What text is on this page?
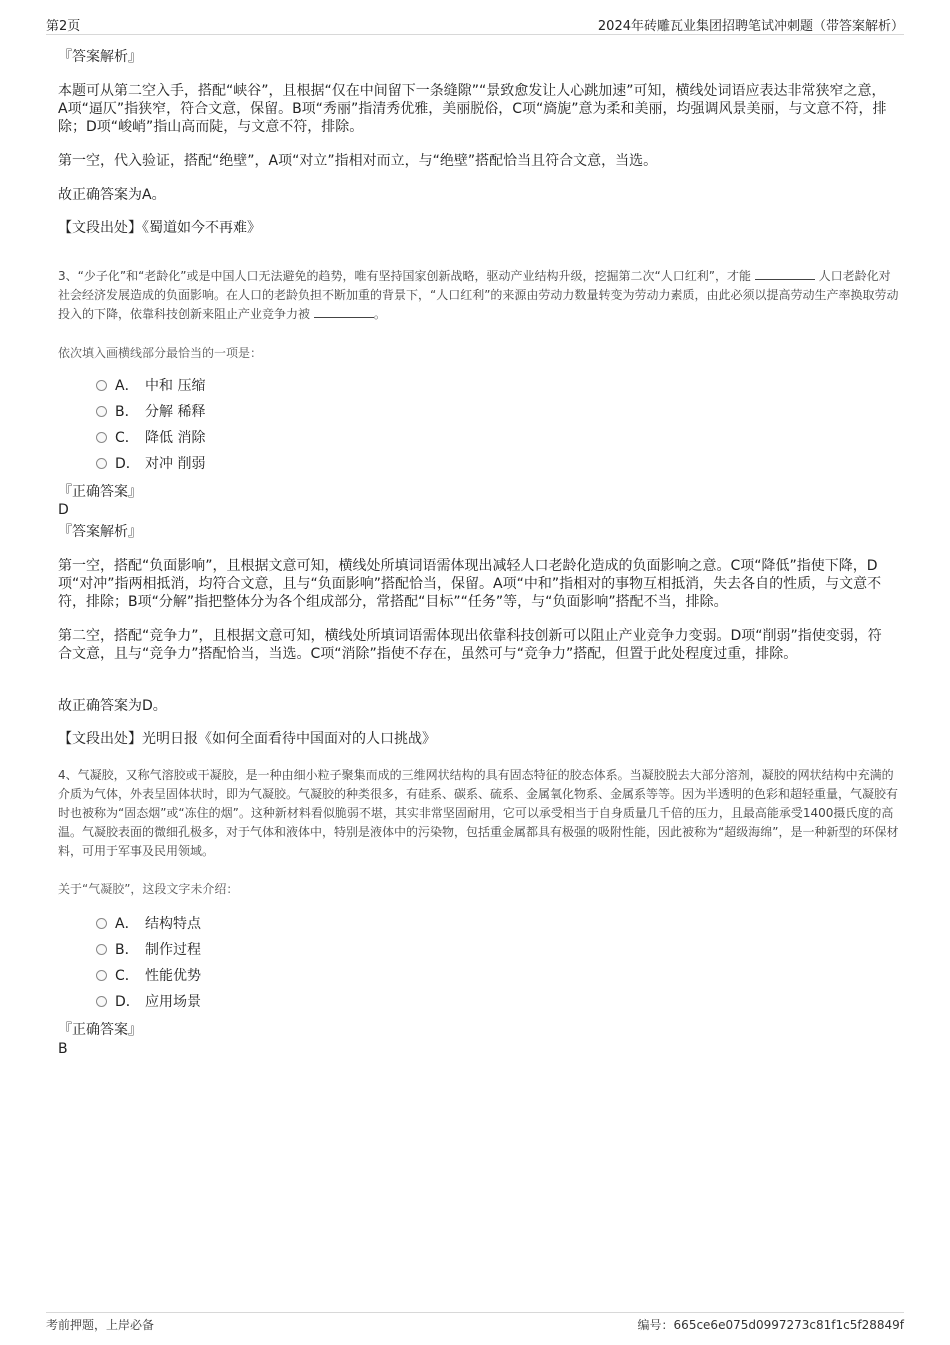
第2页	2024年砖雕瓦业集团招聘笔试冲刺题（带答案解析）
『答案解析』
本题可从第二空入手，搭配“峡谷”，且根据“仅在中间留下一条缝隙”“景致愈发让人心跳加速”可知，横线处词语应表达非常狭窄之意，A项“逼仄”指狭窄，符合文意，保留。B项“秀丽”指清秀优雅，美丽脱俗，C项“旖旎”意为柔和美丽，均强调风景美丽，与文意不符，排除；D项“峻峭”指山高而陡，与文意不符，排除。
第一空，代入验证，搭配“绝壁”，A项“对立”指相对而立，与“绝壁”搭配恰当且符合文意，当选。
故正确答案为A。
【文段出处】《蜀道如今不再难》
3、“少子化”和“老龄化”或是中国人口无法避免的趋势，唯有坚持国家创新战略，驱动产业结构升级，挖掘第二次“人口红利”，才能	人口老龄化对社会经济发展造成的负面影响。在人口的老龄负担不断加重的背景下，“人口红利”的来源由劳动力数量转变为劳动力素质，由此必须以提高劳动生产率换取劳动投入的下降，依靠科技创新来阻止产业竞争力被	。
依次填入画横线部分最恰当的一项是：
A． 中和 压缩
B． 分解 稀释
C． 降低 消除
D． 对冲 削弱
『正确答案』
D
『答案解析』
第一空，搭配“负面影响”，且根据文意可知，横线处所填词语需体现出减轻人口老龄化造成的负面影响之意。C项“降低”指使下降，D项“对冲”指两相抵消，均符合文意，且与“负面影响”搭配恰当，保留。A项“中和”指相对的事物互相抵消，失去各自的性质，与文意不符，排除；B项“分解”指把整体分为各个组成部分，常搭配“目标”“任务”等，与“负面影响”搭配不当，排除。
第二空，搭配“竞争力”，且根据文意可知，横线处所填词语需体现出依靠科技创新可以阻止产业竞争力变弱。D项“削弱”指使变弱，符合文意，且与“竞争力”搭配恰当，当选。C项“消除”指使不存在，虽然可与“竞争力”搭配，但置于此处程度过重，排除。
故正确答案为D。
【文段出处】光明日报《如何全面看待中国面对的人口挑战》
4、气凝胶，又称气溶胶或干凝胶，是一种由细小粒子聚集而成的三维网状结构的具有固态特征的胶态体系。当凝胶脱去大部分溶剂，凝胶的网状结构中充满的介质为气体，外表呈固体状时，即为气凝胶。气凝胶的种类很多，有硅系、碳系、硫系、金属氧化物系、金属系等等。因为半透明的色彩和超轻重量，气凝胶有时也被称为“固态烟”或“冻住的烟”。这种新材料看似脆弱不堪，其实非常坚固耐用，它可以承受相当于自身质量几千倍的压力，且最高能承受1400摄氏度的高温。气凝胶表面的微细孔极多，对于气体和液体中，特别是液体中的污染物，包括重金属都具有极强的吸附性能，因此被称为“超级海绵”，是一种新型的环保材料，可用于军事及民用领域。
关于“气凝胶”，这段文字未介绍：
A． 结构特点
B． 制作过程
C． 性能优势
D． 应用场景
『正确答案』
B
考前押题，上岸必备	编号：665ce6e075d0997273c81f1c5f28849f
